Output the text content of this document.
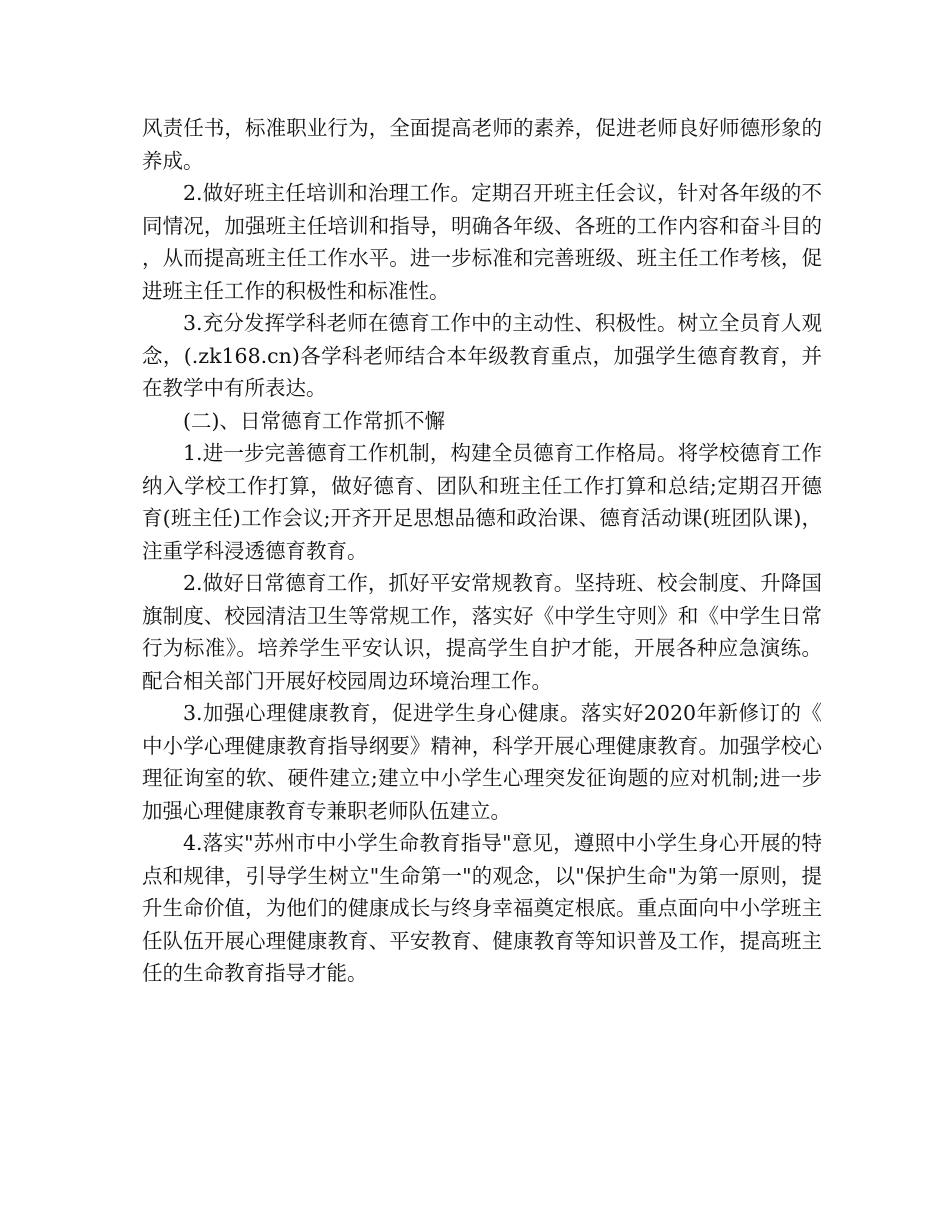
风责任书，标准职业行为，全面提高老师的素养，促进老师良好师德形象的养成。

2.做好班主任培训和治理工作。定期召开班主任会议，针对各年级的不同情况，加强班主任培训和指导，明确各年级、各班的工作内容和奋斗目的，从而提高班主任工作水平。进一步标准和完善班级、班主任工作考核，促进班主任工作的积极性和标准性。

3.充分发挥学科老师在德育工作中的主动性、积极性。树立全员育人观念，(.zk168.cn)各学科老师结合本年级教育重点，加强学生德育教育，并在教学中有所表达。

(二)、日常德育工作常抓不懈

1.进一步完善德育工作机制，构建全员德育工作格局。将学校德育工作纳入学校工作打算，做好德育、团队和班主任工作打算和总结;定期召开德育(班主任)工作会议;开齐开足思想品德和政治课、德育活动课(班团队课)，注重学科浸透德育教育。

2.做好日常德育工作，抓好平安常规教育。坚持班、校会制度、升降国旗制度、校园清洁卫生等常规工作，落实好《中学生守则》和《中学生日常行为标准》。培养学生平安认识，提高学生自护才能，开展各种应急演练。配合相关部门开展好校园周边环境治理工作。

3.加强心理健康教育，促进学生身心健康。落实好2020年新修订的《中小学心理健康教育指导纲要》精神，科学开展心理健康教育。加强学校心理征询室的软、硬件建立;建立中小学生心理突发征询题的应对机制;进一步加强心理健康教育专兼职老师队伍建立。

4.落实"苏州市中小学生命教育指导"意见，遵照中小学生身心开展的特点和规律，引导学生树立"生命第一"的观念，以"保护生命"为第一原则，提升生命价值，为他们的健康成长与终身幸福奠定根底。重点面向中小学班主任队伍开展心理健康教育、平安教育、健康教育等知识普及工作，提高班主任的生命教育指导才能。
